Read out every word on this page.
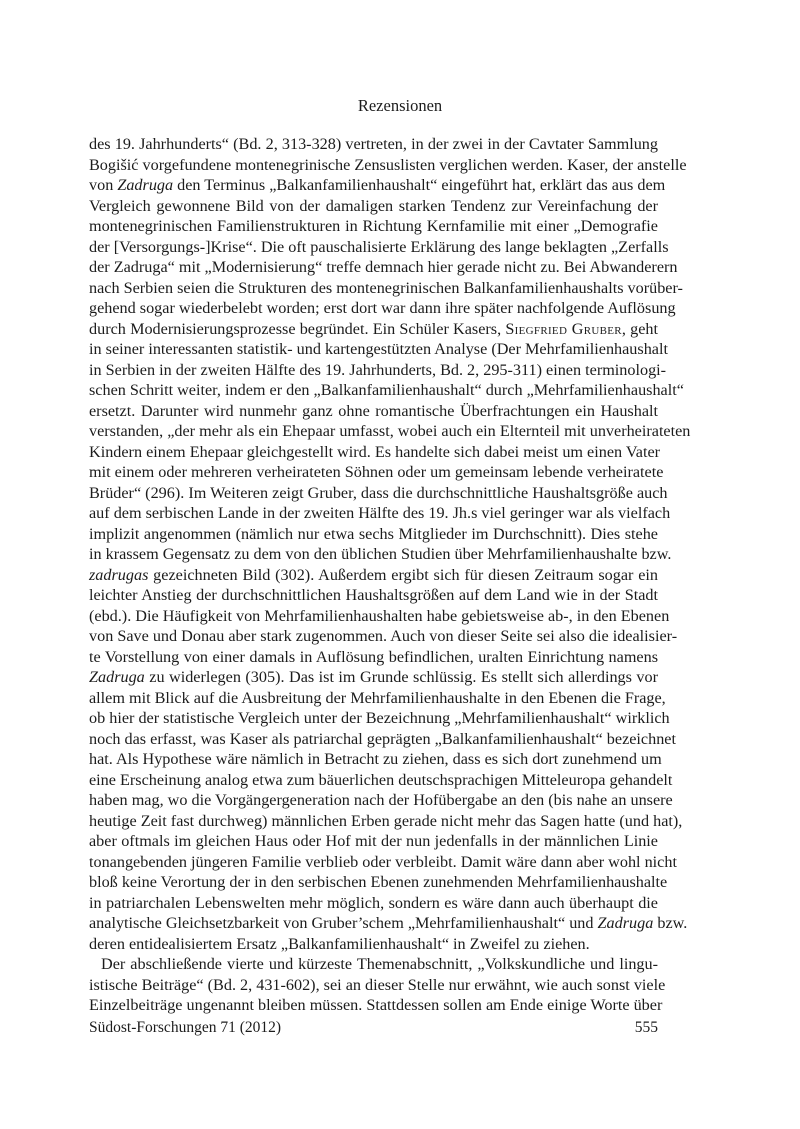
Rezensionen
des 19. Jahrhunderts“ (Bd. 2, 313-328) vertreten, in der zwei in der Cavtater Sammlung
Bogišić vorgefundene montenegrinische Zensuslisten verglichen werden. Kaser, der anstelle
von Zadruga den Terminus „Balkanfamilienhaushalt“ eingeführt hat, erklärt das aus dem
Vergleich gewonnene Bild von der damaligen starken Tendenz zur Vereinfachung der
montenegrinischen Familienstrukturen in Richtung Kernfamilie mit einer „Demografie
der [Versorgungs-]Krise“. Die oft pauschalisierte Erklärung des lange beklagten „Zerfalls
der Zadruga“ mit „Modernisierung“ treffe demnach hier gerade nicht zu. Bei Abwanderern
nach Serbien seien die Strukturen des montenegrinischen Balkanfamilienhaushalts vorüber-
gehend sogar wiederbelebt worden; erst dort war dann ihre später nachfolgende Auflösung
durch Modernisierungsprozesse begründet. Ein Schüler Kasers, Siegfried Gruber, geht
in seiner interessanten statistik- und kartengestützten Analyse (Der Mehrfamilienhaushalt
in Serbien in der zweiten Hälfte des 19. Jahrhunderts, Bd. 2, 295-311) einen terminologi-
schen Schritt weiter, indem er den „Balkanfamilienhaushalt“ durch „Mehrfamilienhaushalt“
ersetzt. Darunter wird nunmehr ganz ohne romantische Überfrachtungen ein Haushalt
verstanden, „der mehr als ein Ehepaar umfasst, wobei auch ein Elternteil mit unverheirateten
Kindern einem Ehepaar gleichgestellt wird. Es handelte sich dabei meist um einen Vater
mit einem oder mehreren verheirateten Söhnen oder um gemeinsam lebende verheiratete
Brüder“ (296). Im Weiteren zeigt Gruber, dass die durchschnittliche Haushaltsgröße auch
auf dem serbischen Lande in der zweiten Hälfte des 19. Jh.s viel geringer war als vielfach
implizit angenommen (nämlich nur etwa sechs Mitglieder im Durchschnitt). Dies stehe
in krassem Gegensatz zu dem von den üblichen Studien über Mehrfamilienhaushalte bzw.
zadrugas gezeichneten Bild (302). Außerdem ergibt sich für diesen Zeitraum sogar ein
leichter Anstieg der durchschnittlichen Haushaltsgrößen auf dem Land wie in der Stadt
(ebd.). Die Häufigkeit von Mehrfamilienhaushalten habe gebietsweise ab-, in den Ebenen
von Save und Donau aber stark zugenommen. Auch von dieser Seite sei also die idealisier-
te Vorstellung von einer damals in Auflösung befindlichen, uralten Einrichtung namens
Zadruga zu widerlegen (305). Das ist im Grunde schlüssig. Es stellt sich allerdings vor
allem mit Blick auf die Ausbreitung der Mehrfamilienhaushalte in den Ebenen die Frage,
ob hier der statistische Vergleich unter der Bezeichnung „Mehrfamilienhaushalt“ wirklich
noch das erfasst, was Kaser als patriarchal geprägten „Balkanfamilienhaushalt“ bezeichnet
hat. Als Hypothese wäre nämlich in Betracht zu ziehen, dass es sich dort zunehmend um
eine Erscheinung analog etwa zum bäuerlichen deutschsprachigen Mitteleuropa gehandelt
haben mag, wo die Vorgängergeneration nach der Hofübergabe an den (bis nahe an unsere
heutige Zeit fast durchweg) männlichen Erben gerade nicht mehr das Sagen hatte (und hat),
aber oftmals im gleichen Haus oder Hof mit der nun jedenfalls in der männlichen Linie
tonangebenden jüngeren Familie verblieb oder verbleibt. Damit wäre dann aber wohl nicht
bloß keine Verortung der in den serbischen Ebenen zunehmenden Mehrfamilienhaushalte
in patriarchalen Lebenswelten mehr möglich, sondern es wäre dann auch überhaupt die
analytische Gleichsetzbarkeit von Gruber’schem „Mehrfamilienhaushalt“ und Zadruga bzw.
deren entidealisiertem Ersatz „Balkanfamilienhaushalt“ in Zweifel zu ziehen.
Der abschließende vierte und kürzeste Themenabschnitt, „Volkskundliche und lingu-
istische Beiträge“ (Bd. 2, 431-602), sei an dieser Stelle nur erwähnt, wie auch sonst viele
Einzelbeiträge ungenannt bleiben müssen. Stattdessen sollen am Ende einige Worte über
Südost-Forschungen 71 (2012)	555
